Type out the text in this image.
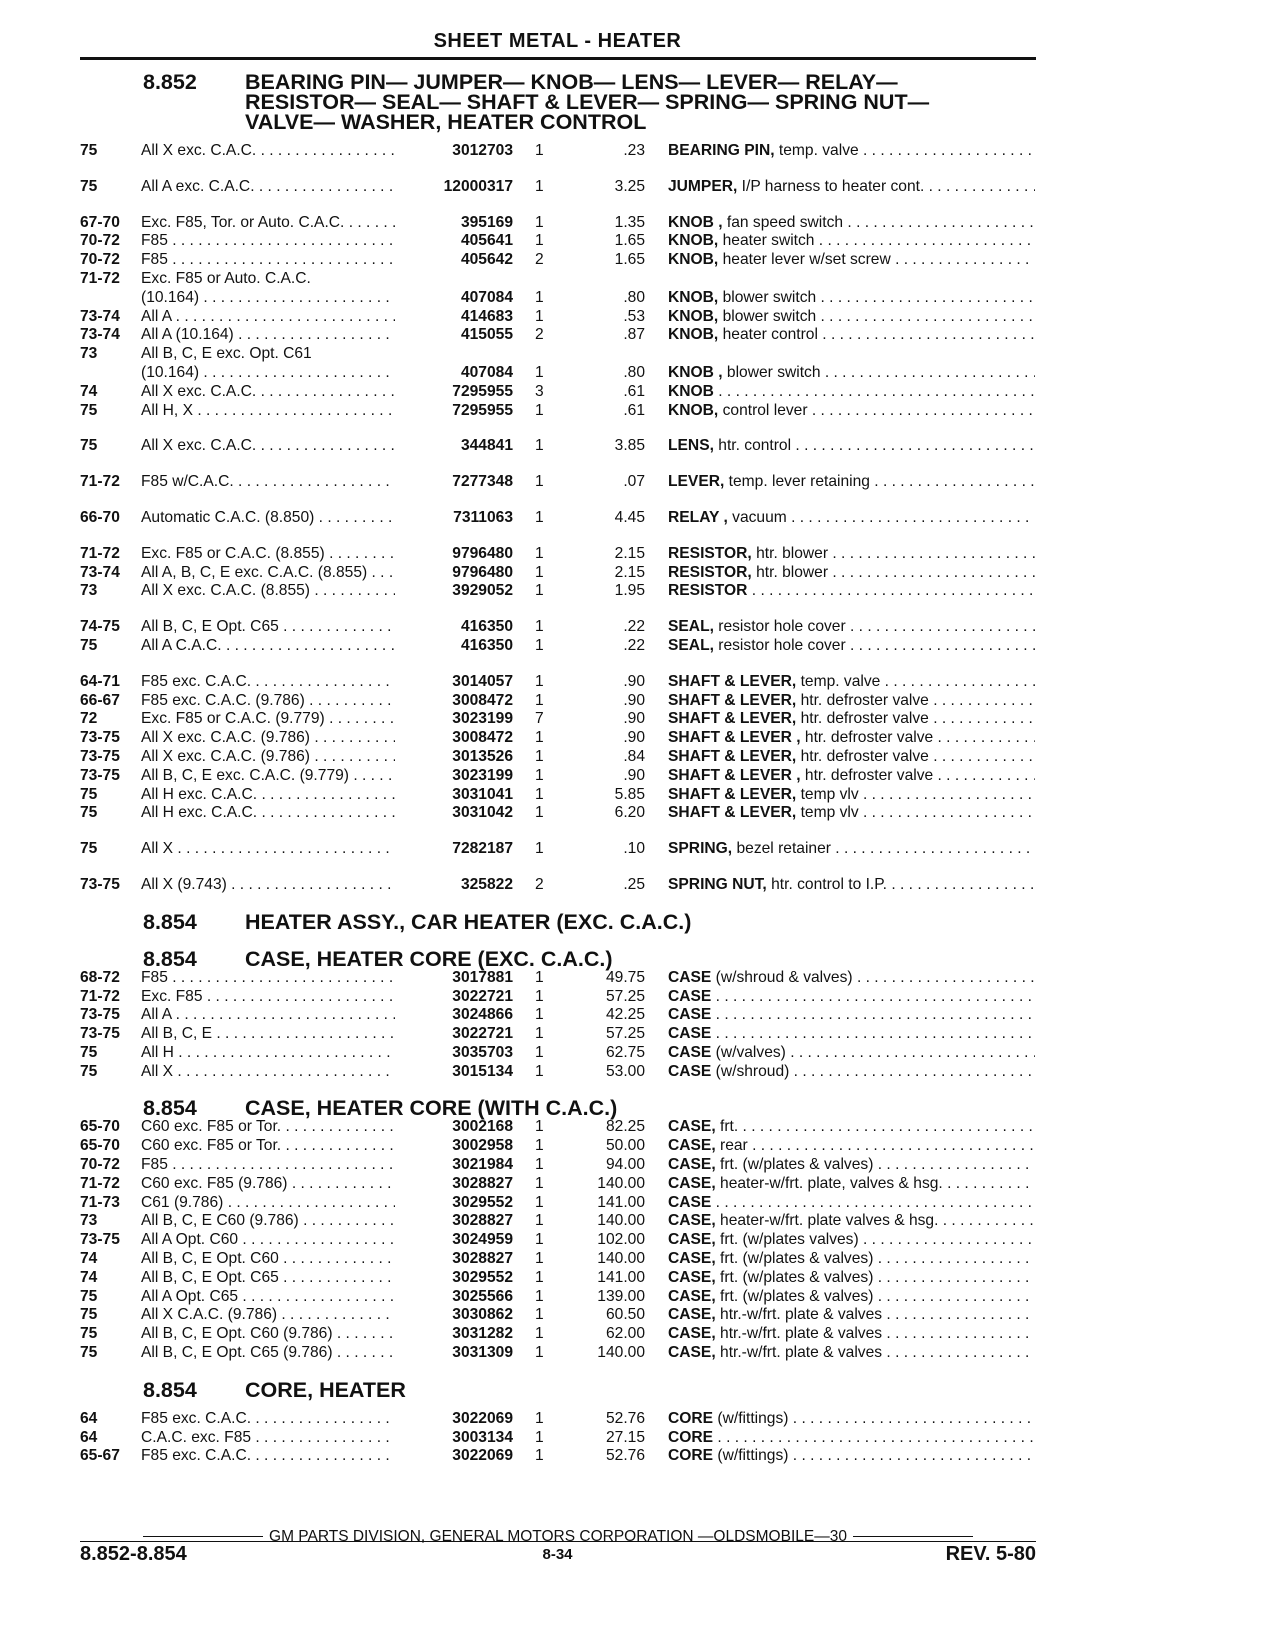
SHEET METAL - HEATER
8.852 BEARING PIN— JUMPER— KNOB— LENS— LEVER— RELAY—
RESISTOR— SEAL— SHAFT & LEVER— SPRING— SPRING NUT—
VALVE— WASHER, HEATER CONTROL
75	All X exc. C.A.C. . . .	3012703 1	.23 BEARING PIN, temp. valve . . .
75	All A exc. C.A.C. . . .	12000317 1	3.25 JUMPER, I/P harness to heater cont. . . .
67-70 Exc. F85, Tor. or Auto. C.A.C. . . .	395169 1	1.35 KNOB , fan speed switch . . .
70-72 F85 . . .	405641 1	1.65 KNOB, heater switch . . .
70-72 F85 . . .	405642 2	1.65 KNOB, heater lever w/set screw . . .
71-72 Exc. F85 or Auto. C.A.C.
(10.164) . . .	407084 1	.80 KNOB, blower switch . . .
73-74 All A . . .	414683 1	.53 KNOB, blower switch . . .
73-74 All A (10.164) . . .	415055 2	.87 KNOB, heater control . . .
73	All B, C, E exc. Opt. C61
(10.164) . . .	407084 1	.80 KNOB , blower switch . . .
74	All X exc. C.A.C. . . .	7295955 3	.61 KNOB . . .
75	All H, X . . .	7295955 1	.61 KNOB, control lever . . .
75	All X exc. C.A.C. . . .	344841 1	3.85 LENS, htr. control . . .
71-72 F85 w/C.A.C. . . .	7277348 1	.07 LEVER, temp. lever retaining . . .
66-70 Automatic C.A.C. (8.850) . . .	7311063 1	4.45 RELAY , vacuum . . .
71-72 Exc. F85 or C.A.C. (8.855) . . .	9796480 1	2.15 RESISTOR, htr. blower . . .
73-74 All A, B, C, E exc. C.A.C. (8.855) . . .	9796480 1	2.15 RESISTOR, htr. blower . . .
73	All X exc. C.A.C. (8.855) . . .	3929052 1	1.95 RESISTOR . . .
74-75 All B, C, E Opt. C65 . . .	416350 1	.22 SEAL, resistor hole cover . . .
75	All A C.A.C. . . .	416350 1	.22 SEAL, resistor hole cover . . .
64-71 F85 exc. C.A.C. . . .	3014057 1	.90 SHAFT & LEVER, temp. valve . . .
66-67 F85 exc. C.A.C. (9.786) . . .	3008472 1	.90 SHAFT & LEVER, htr. defroster valve . . .
72	Exc. F85 or C.A.C. (9.779) . . .	3023199 7	.90 SHAFT & LEVER, htr. defroster valve . . .
73-75 All X exc. C.A.C. (9.786) . . .	3008472 1	.90 SHAFT & LEVER , htr. defroster valve . . .
73-75 All X exc. C.A.C. (9.786) . . .	3013526 1	.84 SHAFT & LEVER, htr. defroster valve . . .
73-75 All B, C, E exc. C.A.C. (9.779) . . .	3023199 1	.90 SHAFT & LEVER , htr. defroster valve . . .
75	All H exc. C.A.C. . . .	3031041 1	5.85 SHAFT & LEVER, temp vlv . . .
75	All H exc. C.A.C. . . .	3031042 1	6.20 SHAFT & LEVER, temp vlv . . .
75	All X . . .	7282187 1	.10 SPRING, bezel retainer . . .
73-75 All X (9.743) . . .	325822 2	.25 SPRING NUT, htr. control to I.P. . . .
8.854 HEATER ASSY., CAR HEATER (EXC. C.A.C.)
8.854 CASE, HEATER CORE (EXC. C.A.C.)
68-72 F85 . . .	3017881 1	49.75 CASE (w/shroud & valves) . . .
71-72 Exc. F85 . . .	3022721 1	57.25 CASE . . .
73-75 All A . . .	3024866 1	42.25 CASE . . .
73-75 All B, C, E . . .	3022721 1	57.25 CASE . . .
75	All H . . .	3035703 1	62.75 CASE (w/valves) . . .
75	All X . . .	3015134 1	53.00 CASE (w/shroud) . . .
8.854 CASE, HEATER CORE (WITH C.A.C.)
65-70 C60 exc. F85 or Tor. . . .	3002168 1	82.25 CASE, frt. . . .
65-70 C60 exc. F85 or Tor. . . .	3002958 1	50.00 CASE, rear . . .
70-72 F85 . . .	3021984 1	94.00 CASE, frt. (w/plates & valves) . . .
71-72 C60 exc. F85 (9.786) . . .	3028827 1	140.00 CASE, heater-w/frt. plate, valves & hsg. . . .
71-73 C61 (9.786) . . .	3029552 1	141.00 CASE . . .
73	All B, C, E C60 (9.786) . . .	3028827 1	140.00 CASE, heater-w/frt. plate valves & hsg. . . .
73-75 All A Opt. C60 . . .	3024959 1	102.00 CASE, frt. (w/plates valves) . . .
74	All B, C, E Opt. C60 . . .	3028827 1	140.00 CASE, frt. (w/plates & valves) . . .
74	All B, C, E Opt. C65 . . .	3029552 1	141.00 CASE, frt. (w/plates & valves) . . .
75	All A Opt. C65 . . .	3025566 1	139.00 CASE, frt. (w/plates & valves) . . .
75	All X C.A.C. (9.786) . . .	3030862 1	60.50 CASE, htr.-w/frt. plate & valves . . .
75	All B, C, E Opt. C60 (9.786) . . .	3031282 1	62.00 CASE, htr.-w/frt. plate & valves . . .
75	All B, C, E Opt. C65 (9.786) . . .	3031309 1	140.00 CASE, htr.-w/frt. plate & valves . . .
8.854 CORE, HEATER
64	F85 exc. C.A.C. . . .	3022069 1	52.76 CORE (w/fittings) . . .
64	C.A.C. exc. F85 . . .	3003134 1	27.15 CORE . . .
65-67 F85 exc. C.A.C. . . .	3022069 1	52.76 CORE (w/fittings) . . .
GM PARTS DIVISION, GENERAL MOTORS CORPORATION —OLDSMOBILE—30
8.852-8.854	8-34	REV. 5-80
